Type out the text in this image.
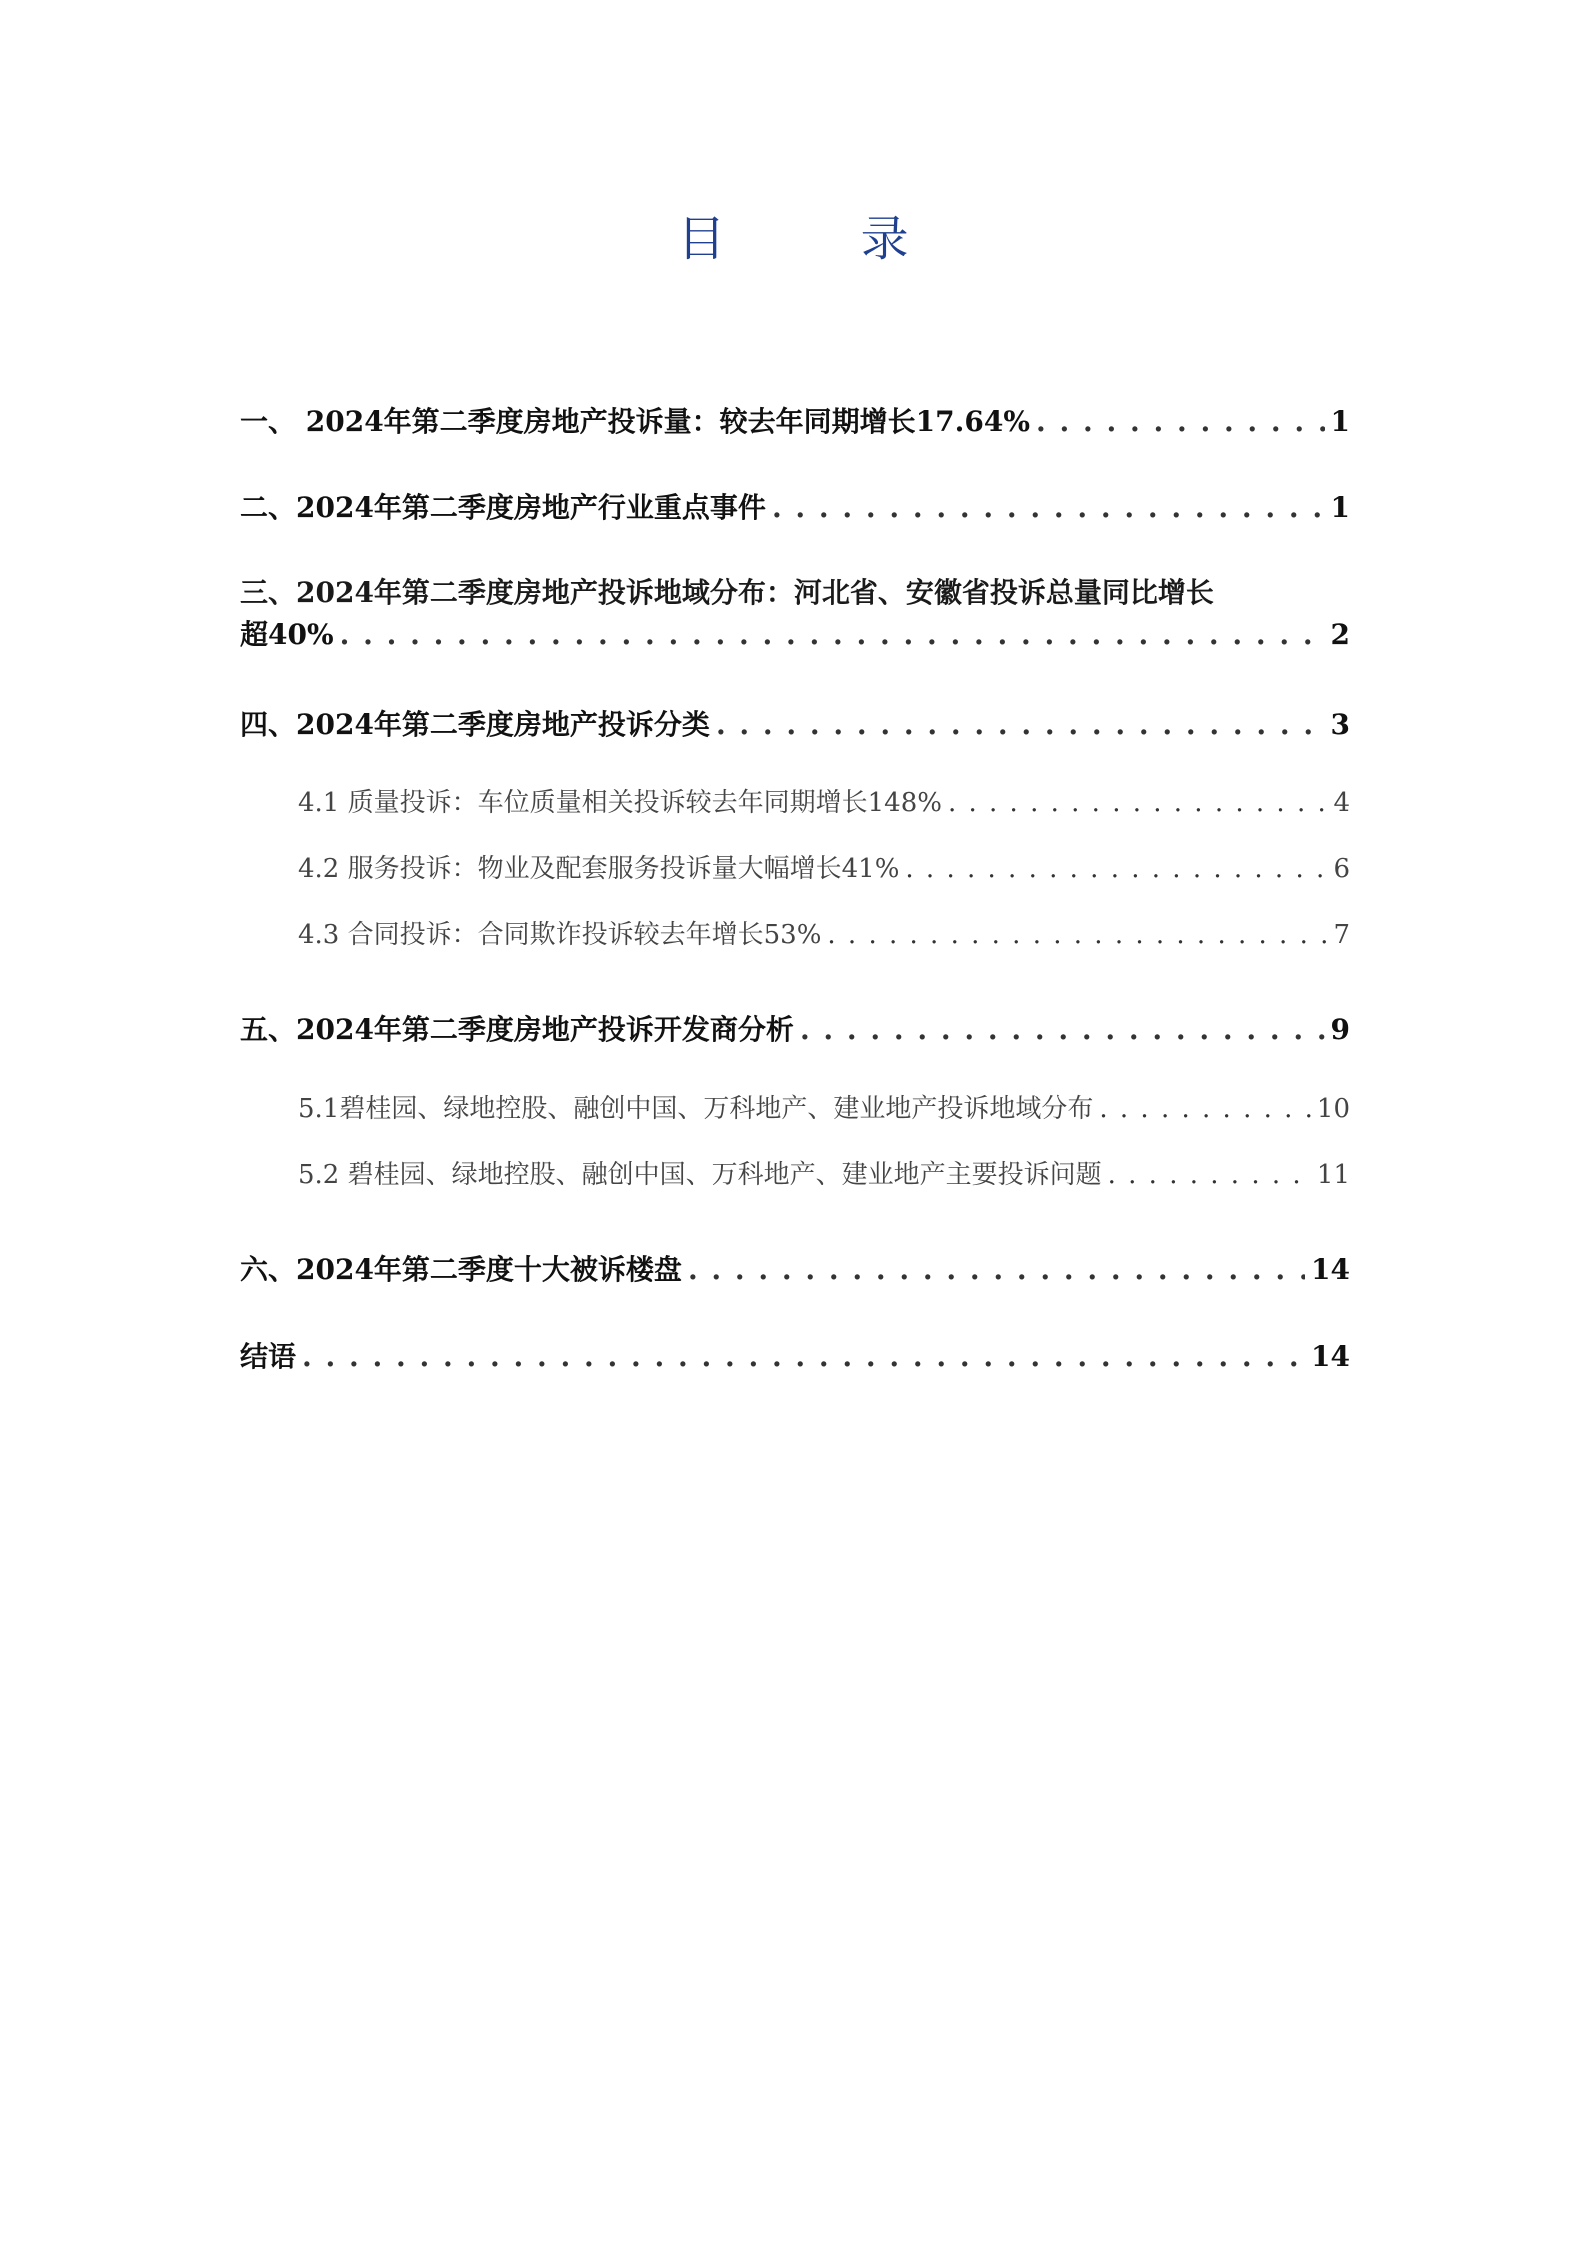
目 录
一、 2024年第二季度房地产投诉量：较去年同期增长17.64% . . .	1
二、2024年第二季度房地产行业重点事件 . . .	1
三、2024年第二季度房地产投诉地域分布：河北省、安徽省投诉总量同比增长
超40% . . .	2
四、2024年第二季度房地产投诉分类 . . .	3
4.1 质量投诉：车位质量相关投诉较去年同期增长148% . . .	4
4.2 服务投诉：物业及配套服务投诉量大幅增长41% . . .	6
4.3 合同投诉：合同欺诈投诉较去年增长53% . . .	7
五、2024年第二季度房地产投诉开发商分析 . . .	9
5.1碧桂园、绿地控股、融创中国、万科地产、建业地产投诉地域分布 . . .	10
5.2 碧桂园、绿地控股、融创中国、万科地产、建业地产主要投诉问题 . . .	11
六、2024年第二季度十大被诉楼盘 . . .	14
结语 . . .	14
